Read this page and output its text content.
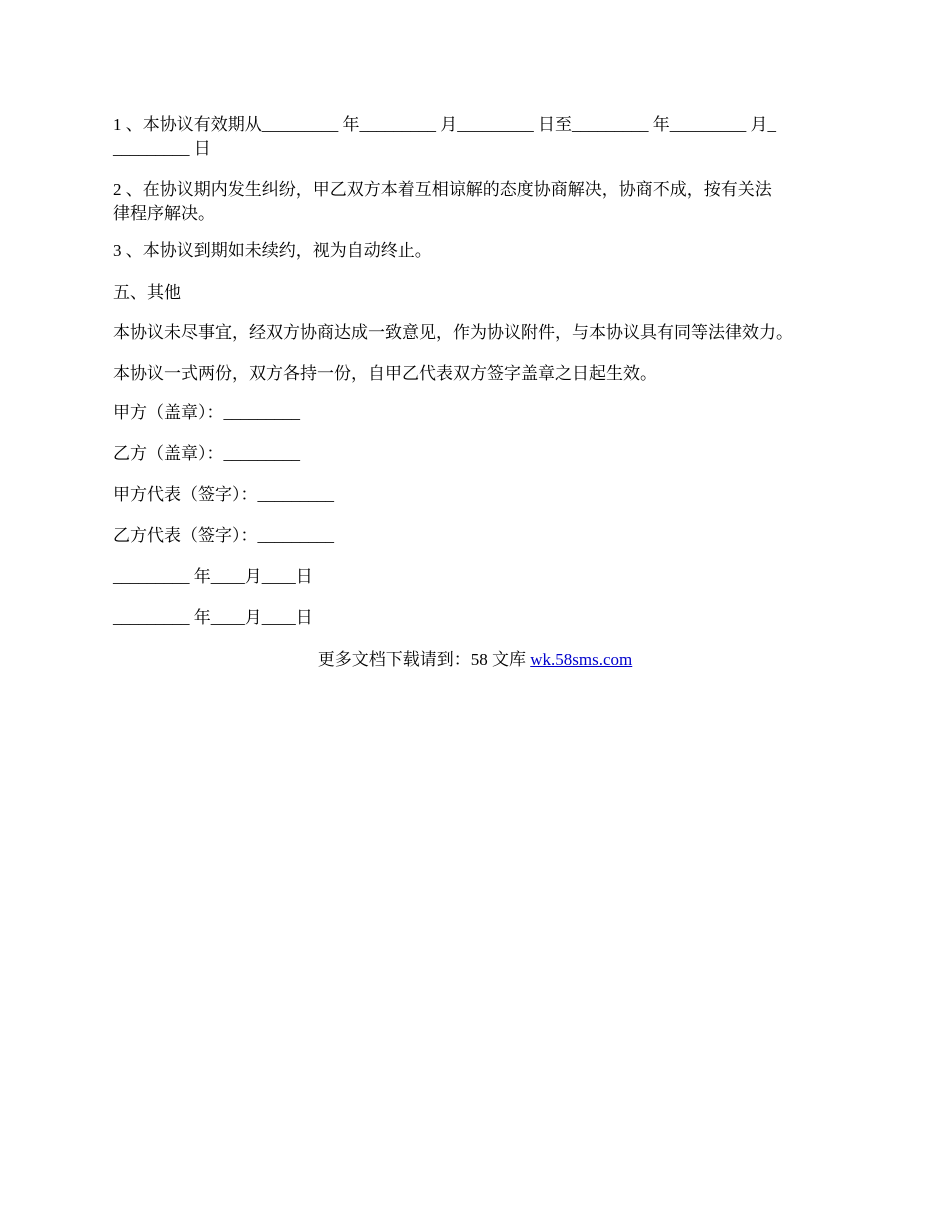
1 、本协议有效期从_________ 年_________ 月_________ 日至_________ 年_________ 月_
_________ 日

2 、在协议期内发生纠纷，甲乙双方本着互相谅解的态度协商解决，协商不成，按有关法
律程序解决。

3 、本协议到期如未续约，视为自动终止。

五、其他

本协议未尽事宜，经双方协商达成一致意见，作为协议附件，与本协议具有同等法律效力。

本协议一式两份，双方各持一份，自甲乙代表双方签字盖章之日起生效。

甲方（盖章）：_________

乙方（盖章）：_________

甲方代表（签字）：_________

乙方代表（签字）：_________

_________ 年____月____日

_________ 年____月____日

更多文档下载请到：58 文库 wk.58sms.com
